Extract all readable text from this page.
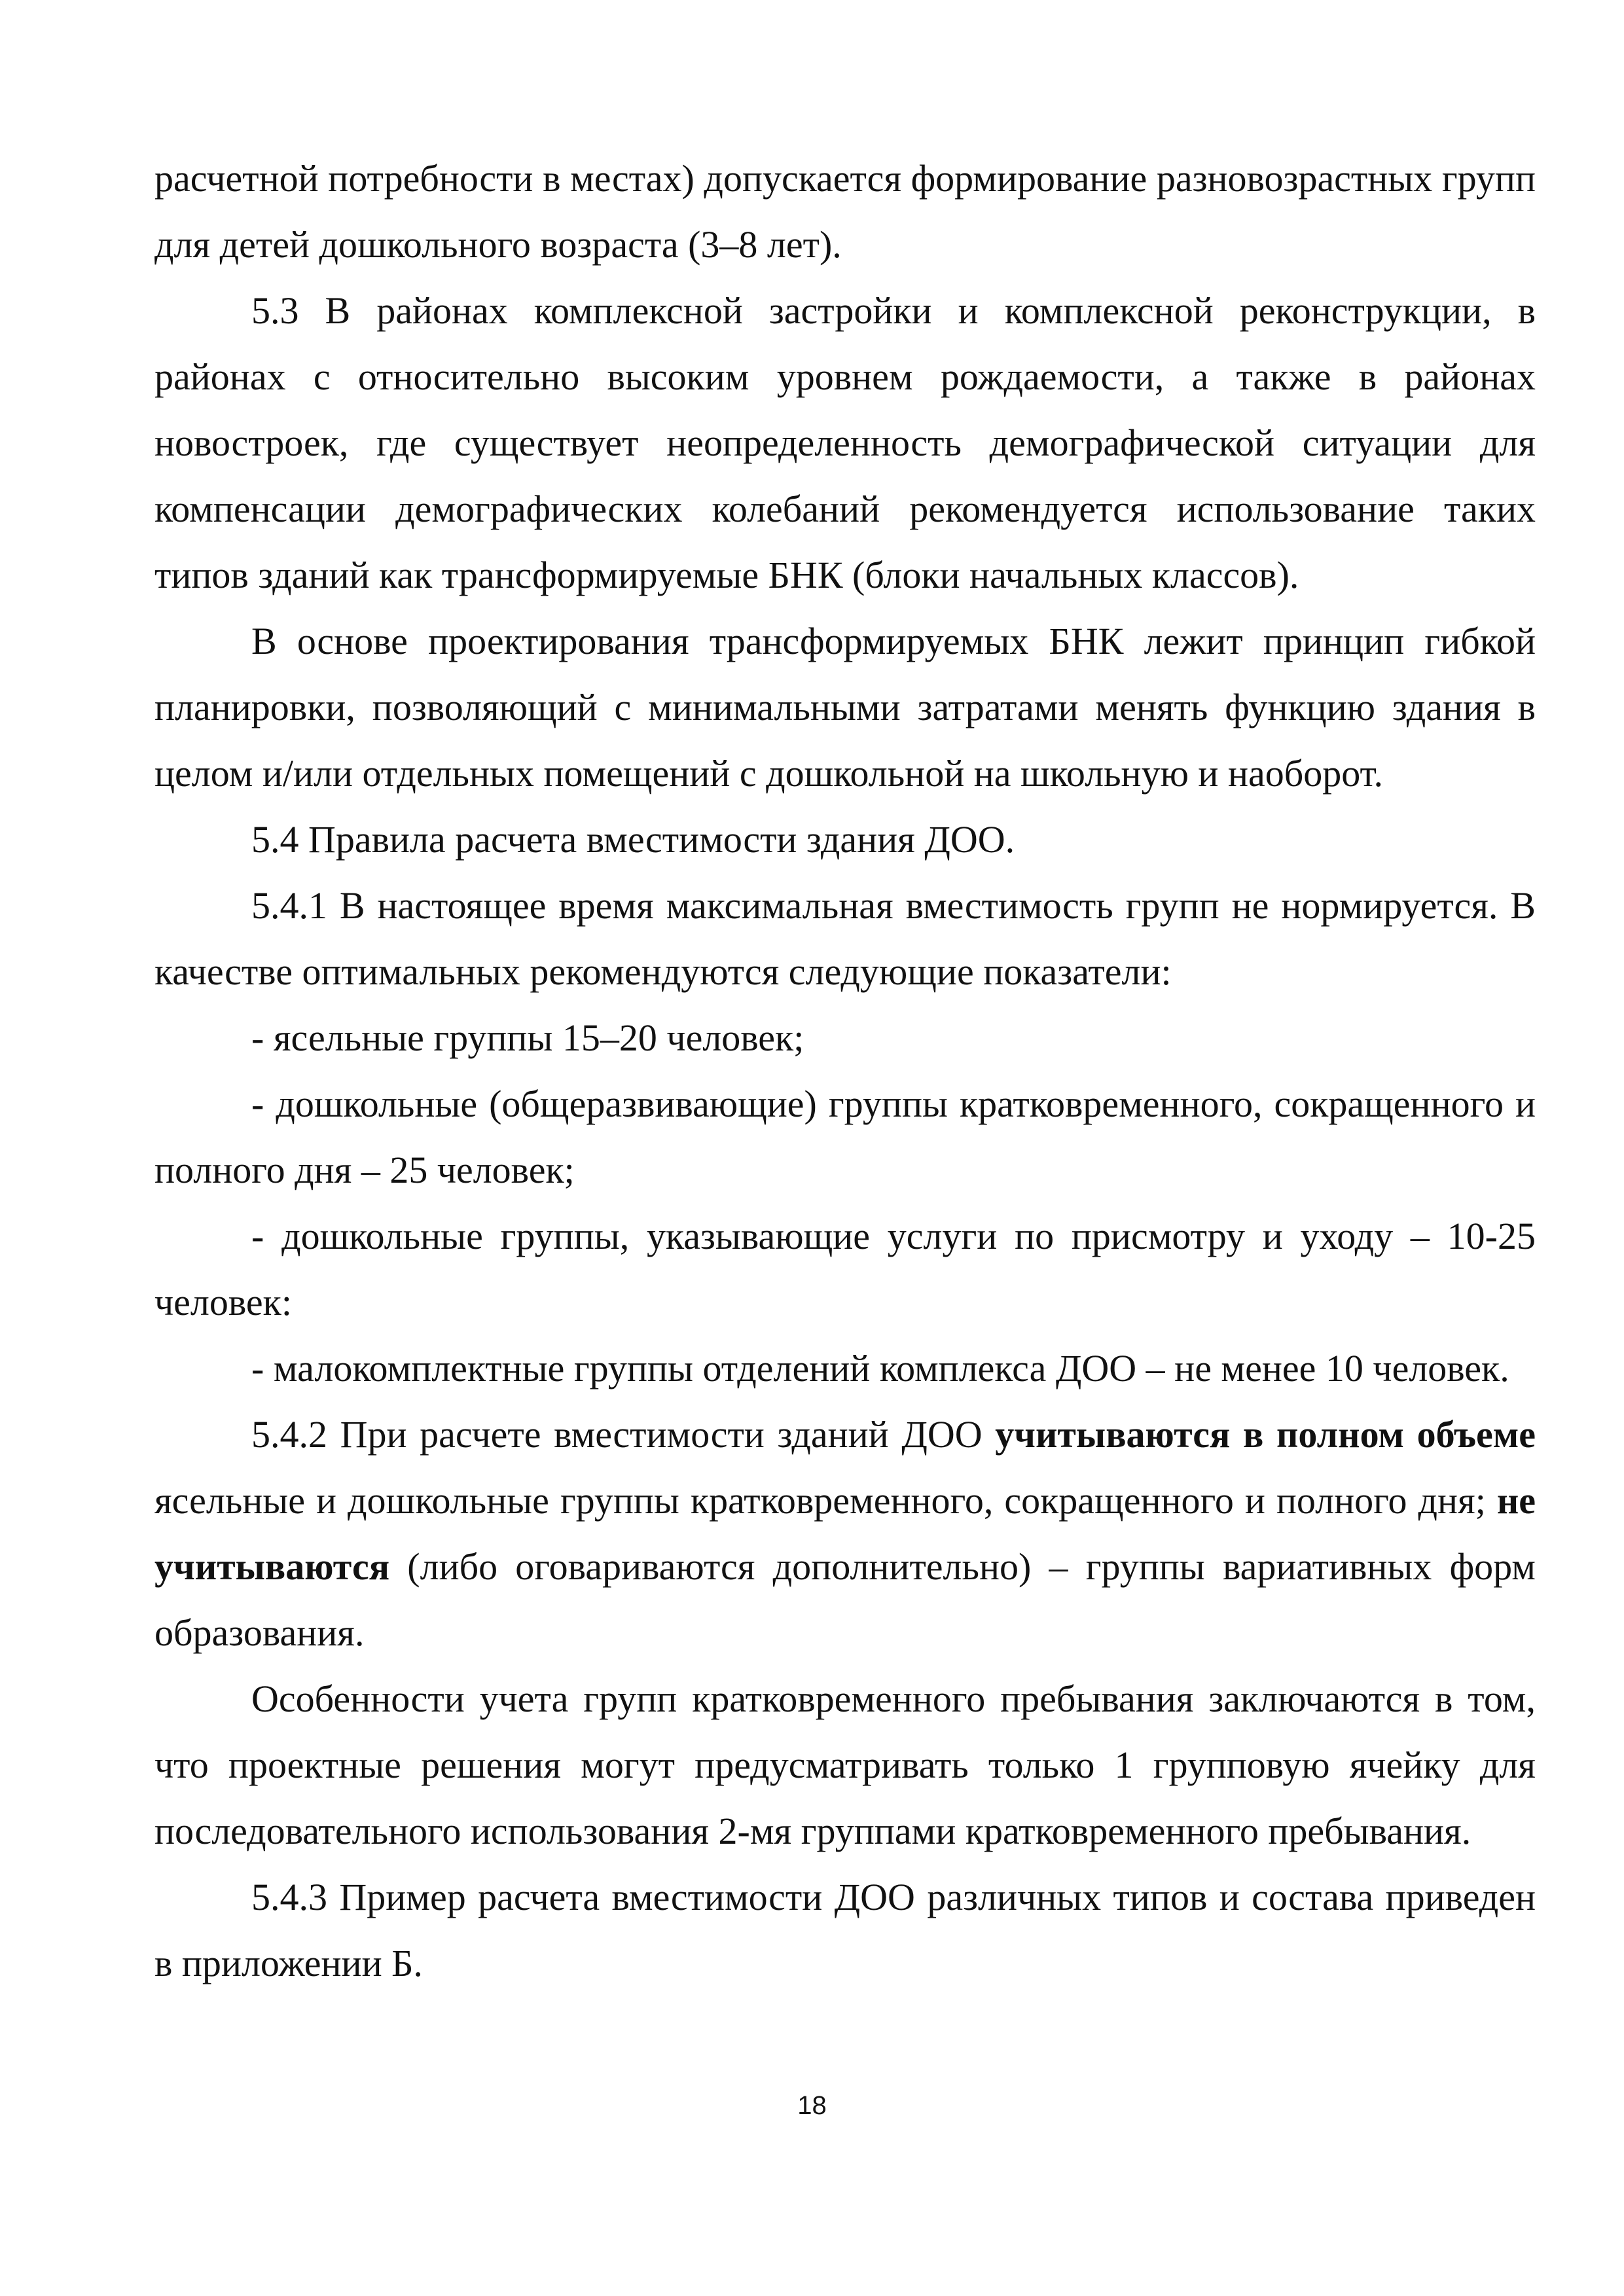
расчетной потребности в местах) допускается формирование разновозрастных групп для детей дошкольного возраста (3–8 лет).

5.3 В районах комплексной застройки и комплексной реконструкции, в районах с относительно высоким уровнем рождаемости, а также в районах новостроек, где существует неопределенность демографической ситуации для компенсации демографических колебаний рекомендуется использование таких типов зданий как трансформируемые БНК (блоки начальных классов).

В основе проектирования трансформируемых БНК лежит принцип гибкой планировки, позволяющий с минимальными затратами менять функцию здания в целом и/или отдельных помещений с дошкольной на школьную и наоборот.

5.4 Правила расчета вместимости здания ДОО.

5.4.1 В настоящее время максимальная вместимость групп не нормируется. В качестве оптимальных рекомендуются следующие показатели:

- ясельные группы 15–20 человек;

- дошкольные (общеразвивающие) группы кратковременного, сокращенного и полного дня – 25 человек;

- дошкольные группы, указывающие услуги по присмотру и уходу – 10-25 человек:

- малокомплектные группы отделений комплекса ДОО – не менее 10 человек.

5.4.2 При расчете вместимости зданий ДОО учитываются в полном объеме ясельные и дошкольные группы кратковременного, сокращенного и полного дня; не учитываются (либо оговариваются дополнительно) – группы вариативных форм образования.

Особенности учета групп кратковременного пребывания заключаются в том, что проектные решения могут предусматривать только 1 групповую ячейку для последовательного использования 2-мя группами кратковременного пребывания.

5.4.3 Пример расчета вместимости ДОО различных типов и состава приведен в приложении Б.

18
